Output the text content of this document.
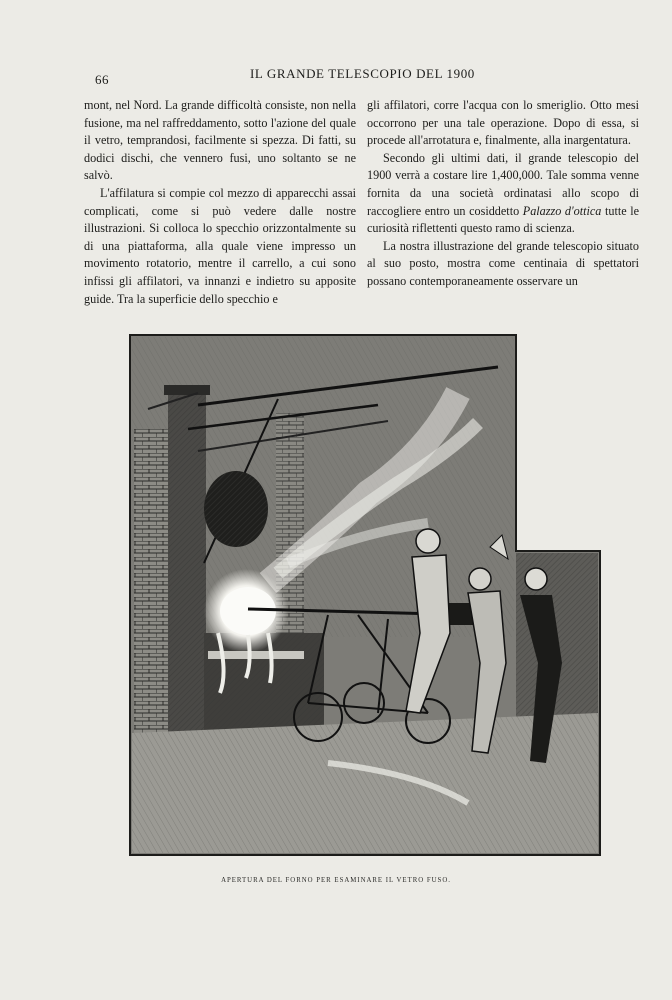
66	IL GRANDE TELESCOPIO DEL 1900

mont, nel Nord. La grande difficoltà consiste, non nella fusione, ma nel raffreddamento, sotto l'azione del quale il vetro, temprandosi, facilmente si spezza. Di fatti, su dodici dischi, che vennero fusi, uno soltanto se ne salvò.

L'affilatura si compie col mezzo di apparecchi assai complicati, come si può vedere dalle nostre illustrazioni. Si colloca lo specchio orizzontalmente su di una piattaforma, alla quale viene impresso un movimento rotatorio, mentre il carrello, a cui sono infissi gli affilatori, va innanzi e indietro su apposite guide. Tra la superficie dello specchio e

gli affilatori, corre l'acqua con lo smeriglio. Otto mesi occorrono per una tale operazione. Dopo di essa, si procede all'arrotatura e, finalmente, alla inargentatura.

Secondo gli ultimi dati, il grande telescopio del 1900 verrà a costare lire 1,400,000. Tale somma venne fornita da una società ordinatasi allo scopo di raccogliere entro un cosiddetto Palazzo d'ottica tutte le curiosità riflettenti questo ramo di scienza.

La nostra illustrazione del grande telescopio situato al suo posto, mostra come centinaia di spettatori possano contemporaneamente osservare un

APERTURA DEL FORNO PER ESAMINARE IL VETRO FUSO.
